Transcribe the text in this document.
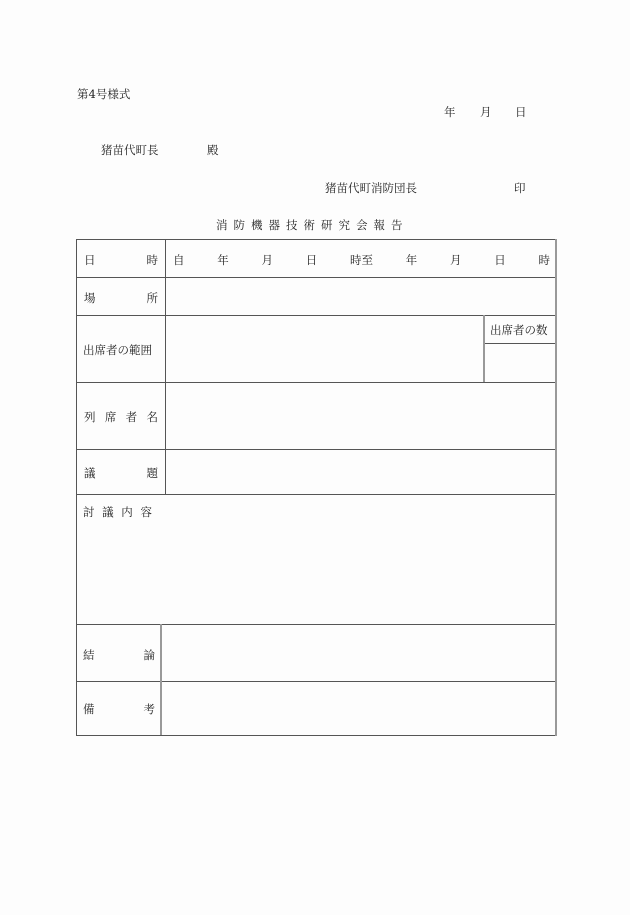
第4号様式
年 月 日
猪苗代町長	殿
猪苗代町消防団長	印
消防機器技術研究会報告
日	時 自	年	月	日	時至	年	月	日	時
場	所
出席者の範囲
出席者の数
列 席 者 名
議	題
討 議 内 容
結	論
備	考
